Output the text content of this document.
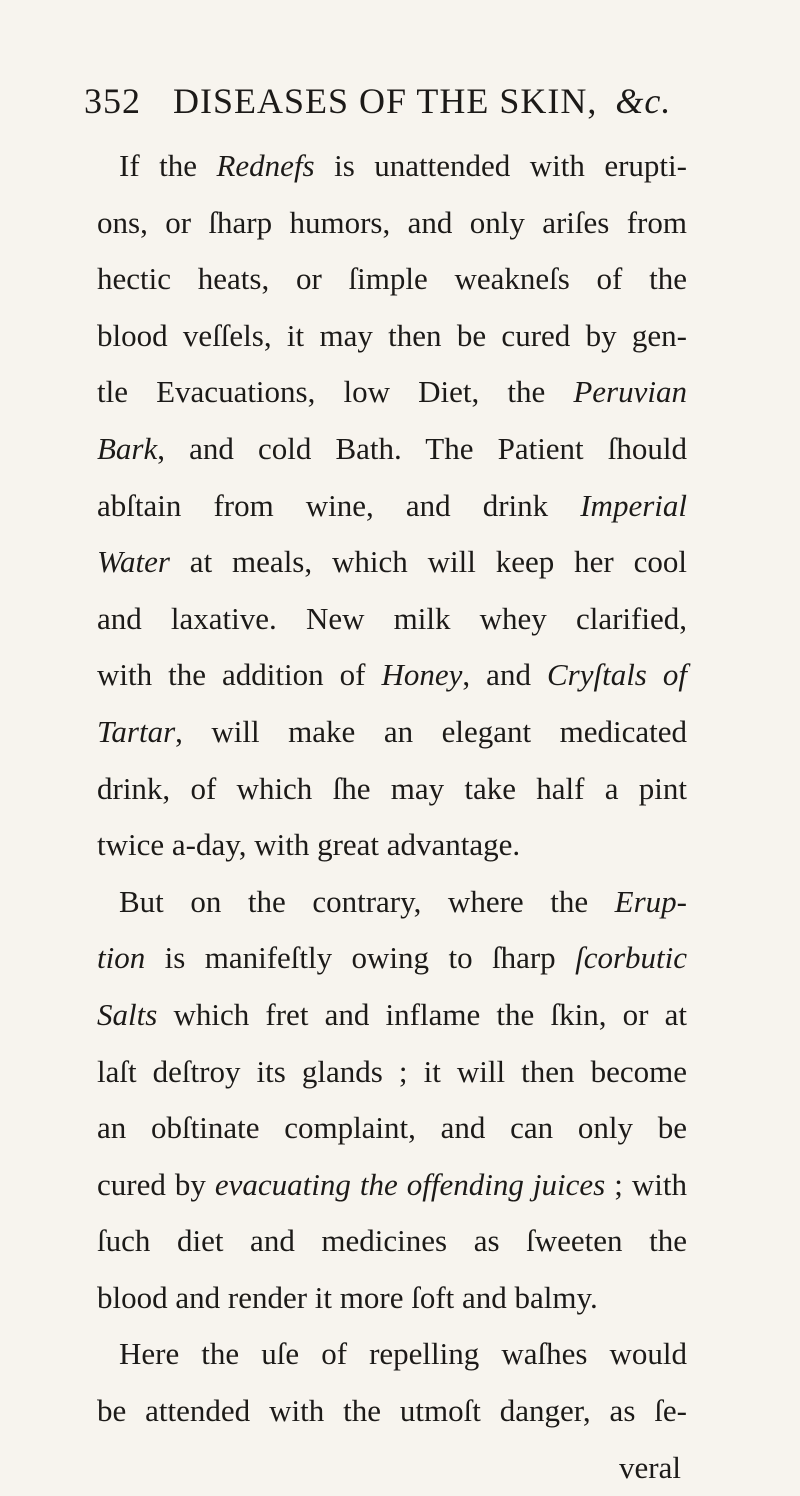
352 DISEASES OF THE SKIN, &c.
If the Rednefs is unattended with erupti-
ons, or ſharp humors, and only ariſes from
hectic heats, or ſimple weakneſs of the
blood veſſels, it may then be cured by gen-
tle Evacuations, low Diet, the Peruvian
Bark, and cold Bath. The Patient ſhould
abſtain from wine, and drink Imperial
Water at meals, which will keep her cool
and laxative. New milk whey clarified,
with the addition of Honey, and Cryſtals of
Tartar, will make an elegant medicated
drink, of which ſhe may take half a pint
twice a-day, with great advantage.
But on the contrary, where the Erup-
tion is manifeſtly owing to ſharp ſcorbutic
Salts which fret and inflame the ſkin, or at
laſt deſtroy its glands ; it will then become
an obſtinate complaint, and can only be
cured by evacuating the offending juices ; with
ſuch diet and medicines as ſweeten the
blood and render it more ſoft and balmy.
Here the uſe of repelling waſhes would
be attended with the utmoſt danger, as ſe-
veral
